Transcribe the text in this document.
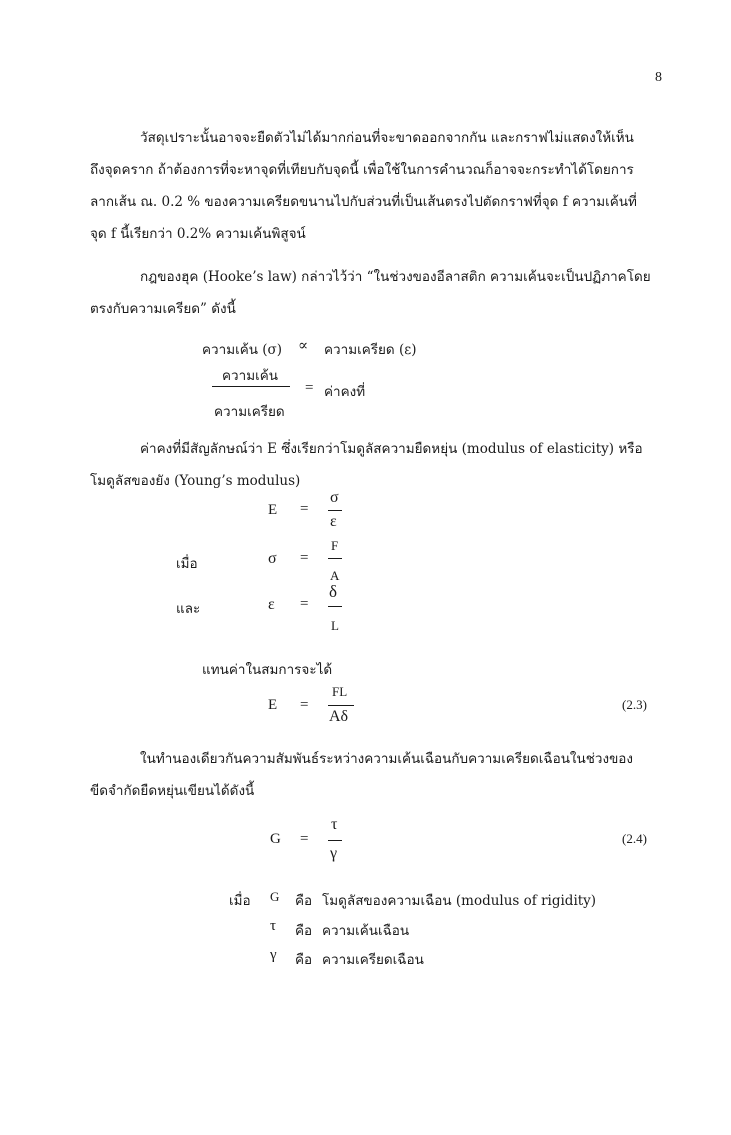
8
วัสดุเปราะนั้นอาจจะยืดตัวไม่ได้มากก่อนที่จะขาดออกจากกัน และกราฟไม่แสดงให้เห็น
ถึงจุดคราก ถ้าต้องการที่จะหาจุดที่เทียบกับจุดนี้ เพื่อใช้ในการคำนวณก็อาจจะกระทำได้โดยการ
ลากเส้น ณ. 0.2 % ของความเครียดขนานไปกับส่วนที่เป็นเส้นตรงไปตัดกราฟที่จุด f ความเค้นที่
จุด f นี้เรียกว่า 0.2% ความเค้นพิสูจน์
กฎของฮุค (Hooke’s law) กล่าวไว้ว่า “ในช่วงของอีลาสติก ความเค้นจะเป็นปฏิภาคโดย
ตรงกับความเครียด” ดังนี้
ความเค้น (σ) ∝ ความเครียด (ε)
ความเค้น
ความเครียด
= ค่าคงที่
ค่าคงที่มีสัญลักษณ์ว่า E ซึ่งเรียกว่าโมดูลัสความยืดหยุ่น (modulus of elasticity) หรือ
โมดูลัสของยัง (Young’s modulus)
E =
σ
ε
เมื่อ	σ =
F
A
และ	ε =
δ
L
แทนค่าในสมการจะได้
E =
FL
Aδ
(2.3)
ในทำนองเดียวกันความสัมพันธ์ระหว่างความเค้นเฉือนกับความเครียดเฉือนในช่วงของ
ขีดจำกัดยืดหยุ่นเขียนได้ดังนี้
G =
τ
γ
(2.4)
เมื่อ G คือ โมดูลัสของความเฉือน (modulus of rigidity)
τ คือ ความเค้นเฉือน
γ คือ ความเครียดเฉือน
